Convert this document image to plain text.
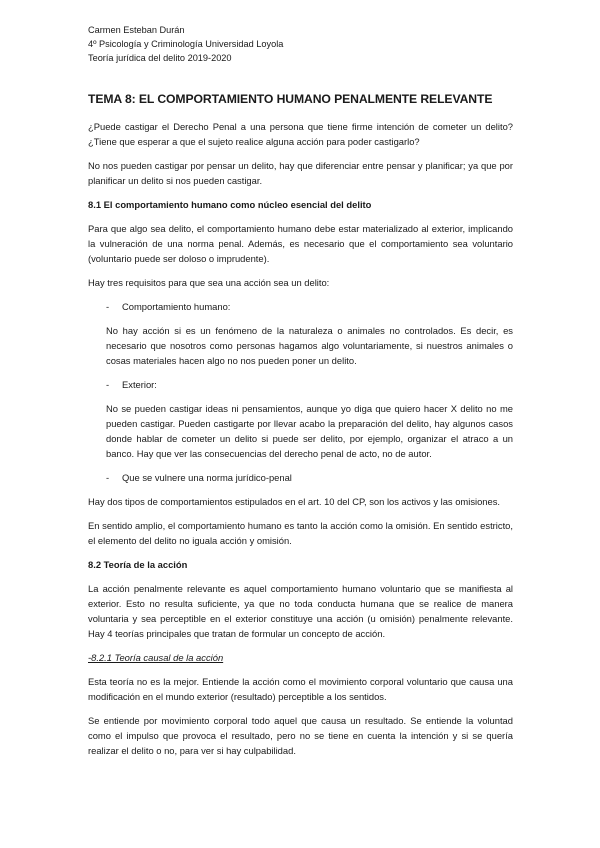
Carmen Esteban Durán
4º Psicología y Criminología Universidad Loyola
Teoría jurídica del delito 2019-2020
TEMA 8: EL COMPORTAMIENTO HUMANO PENALMENTE RELEVANTE

¿Puede castigar el Derecho Penal a una persona que tiene firme intención de cometer un delito? ¿Tiene que esperar a que el sujeto realice alguna acción para poder castigarlo?

No nos pueden castigar por pensar un delito, hay que diferenciar entre pensar y planificar; ya que por planificar un delito si nos pueden castigar.

8.1 El comportamiento humano como núcleo esencial del delito

Para que algo sea delito, el comportamiento humano debe estar materializado al exterior, implicando la vulneración de una norma penal. Además, es necesario que el comportamiento sea voluntario (voluntario puede ser doloso o imprudente).

Hay tres requisitos para que sea una acción sea un delito:

-	Comportamiento humano:

No hay acción si es un fenómeno de la naturaleza o animales no controlados. Es decir, es necesario que nosotros como personas hagamos algo voluntariamente, si nuestros animales o cosas materiales hacen algo no nos pueden poner un delito.

-	Exterior:

No se pueden castigar ideas ni pensamientos, aunque yo diga que quiero hacer X delito no me pueden castigar. Pueden castigarte por llevar acabo la preparación del delito, hay algunos casos donde hablar de cometer un delito si puede ser delito, por ejemplo, organizar el atraco a un banco. Hay que ver las consecuencias del derecho penal de acto, no de autor.

-	Que se vulnere una norma jurídico-penal

Hay dos tipos de comportamientos estipulados en el art. 10 del CP, son los activos y las omisiones.

En sentido amplio, el comportamiento humano es tanto la acción como la omisión. En sentido estricto, el elemento del delito no iguala acción y omisión.

8.2 Teoría de la acción

La acción penalmente relevante es aquel comportamiento humano voluntario que se manifiesta al exterior. Esto no resulta suficiente, ya que no toda conducta humana que se realice de manera voluntaria y sea perceptible en el exterior constituye una acción (u omisión) penalmente relevante. Hay 4 teorías principales que tratan de formular un concepto de acción.

-8.2.1 Teoría causal de la acción

Esta teoría no es la mejor. Entiende la acción como el movimiento corporal voluntario que causa una modificación en el mundo exterior (resultado) perceptible a los sentidos.

Se entiende por movimiento corporal todo aquel que causa un resultado. Se entiende la voluntad como el impulso que provoca el resultado, pero no se tiene en cuenta la intención y si se quería realizar el delito o no, para ver si hay culpabilidad.
